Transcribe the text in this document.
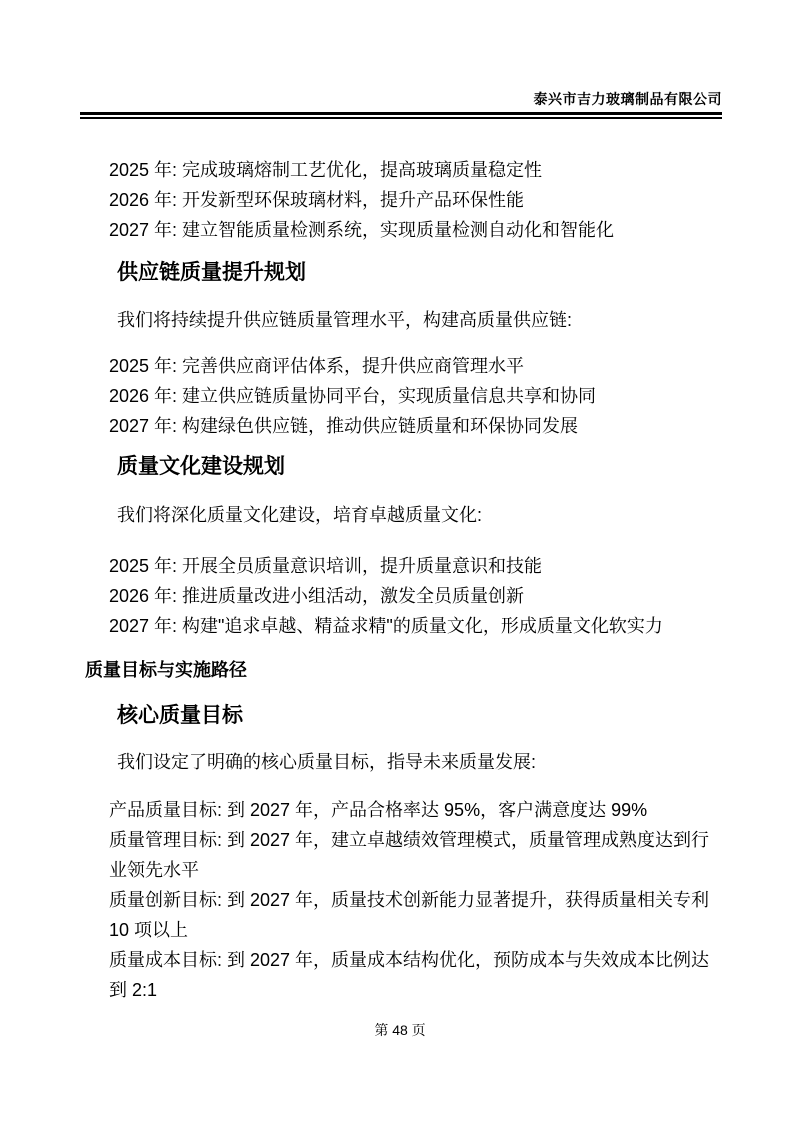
泰兴市吉力玻璃制品有限公司
2025 年: 完成玻璃熔制工艺优化，提高玻璃质量稳定性
2026 年: 开发新型环保玻璃材料，提升产品环保性能
2027 年: 建立智能质量检测系统，实现质量检测自动化和智能化
供应链质量提升规划
我们将持续提升供应链质量管理水平，构建高质量供应链:
2025 年: 完善供应商评估体系，提升供应商管理水平
2026 年: 建立供应链质量协同平台，实现质量信息共享和协同
2027 年: 构建绿色供应链，推动供应链质量和环保协同发展
质量文化建设规划
我们将深化质量文化建设，培育卓越质量文化:
2025 年: 开展全员质量意识培训，提升质量意识和技能
2026 年: 推进质量改进小组活动，激发全员质量创新
2027 年: 构建"追求卓越、精益求精"的质量文化，形成质量文化软实力
质量目标与实施路径
核心质量目标
我们设定了明确的核心质量目标，指导未来质量发展:
产品质量目标: 到 2027 年，产品合格率达 95%，客户满意度达 99%
质量管理目标: 到 2027 年，建立卓越绩效管理模式，质量管理成熟度达到行业领先水平
质量创新目标: 到 2027 年，质量技术创新能力显著提升，获得质量相关专利 10 项以上
质量成本目标: 到 2027 年，质量成本结构优化，预防成本与失效成本比例达到 2:1
第 48 页
